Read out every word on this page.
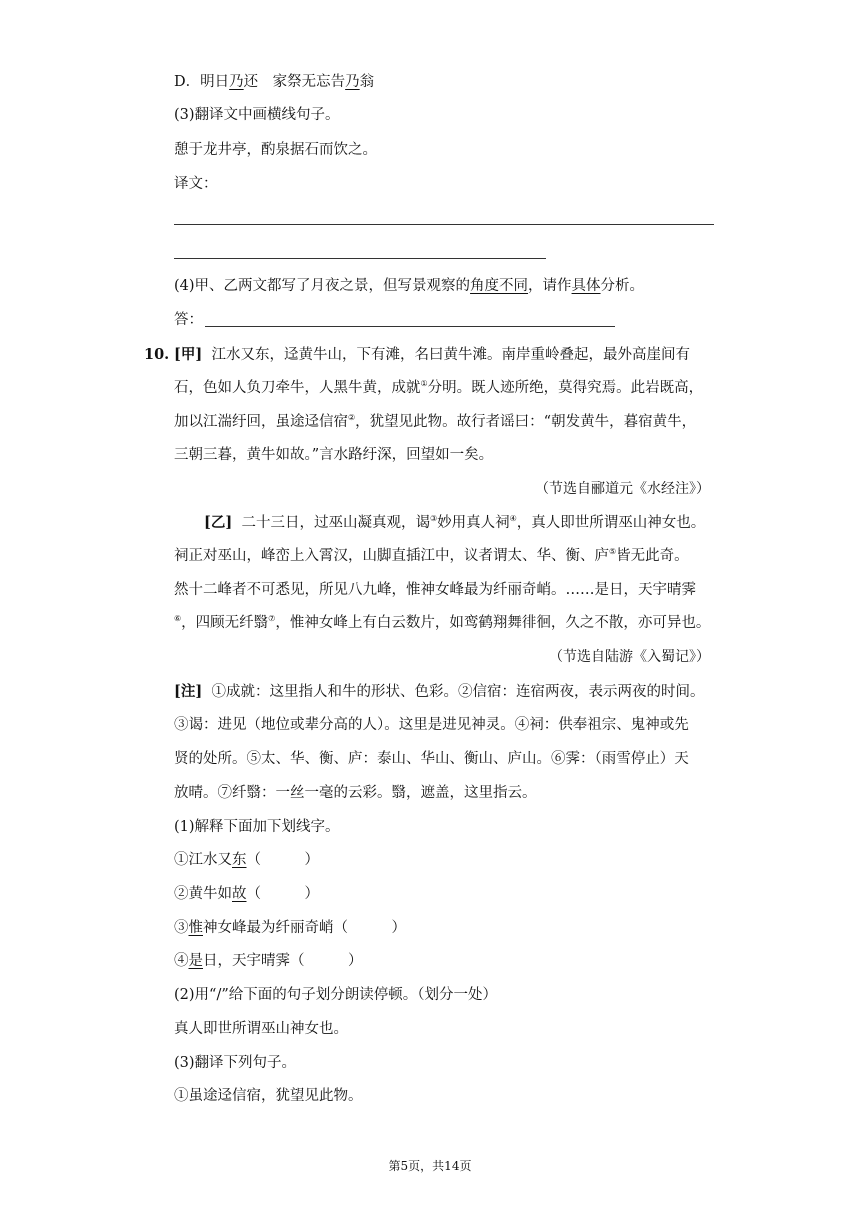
D．明日乃还　家祭无忘告乃翁
(3)翻译文中画横线句子。
憩于龙井亭，酌泉据石而饮之。
译文：
(4)甲、乙两文都写了月夜之景，但写景观察的角度不同，请作具体分析。
答：
10. [甲] 江水又东，迳黄牛山，下有滩，名曰黄牛滩。南岸重岭叠起，最外高崖间有
石，色如人负刀牵牛，人黑牛黄，成就①分明。既人迹所绝，莫得究焉。此岩既高，
加以江湍纡回，虽途迳信宿②，犹望见此物。故行者谣曰：“朝发黄牛，暮宿黄牛，
三朝三暮，黄牛如故。”言水路纡深，回望如一矣。
（节选自郦道元《水经注》）
[乙] 二十三日，过巫山凝真观，谒③妙用真人祠④，真人即世所谓巫山神女也。
祠正对巫山，峰峦上入霄汉，山脚直插江中，议者谓太、华、衡、庐⑤皆无此奇。
然十二峰者不可悉见，所见八九峰，惟神女峰最为纤丽奇峭。……是日，天宇晴霁
⑥，四顾无纤翳⑦，惟神女峰上有白云数片，如鸾鹤翔舞徘徊，久之不散，亦可异也。
（节选自陆游《入蜀记》）
[注] ①成就：这里指人和牛的形状、色彩。②信宿：连宿两夜，表示两夜的时间。
③谒：进见（地位或辈分高的人）。这里是进见神灵。④祠：供奉祖宗、鬼神或先
贤的处所。⑤太、华、衡、庐：泰山、华山、衡山、庐山。⑥霁：（雨雪停止）天
放晴。⑦纤翳：一丝一毫的云彩。翳，遮盖，这里指云。
(1)解释下面加下划线字。
①江水又东（　　　）
②黄牛如故（　　　）
③惟神女峰最为纤丽奇峭（　　　）
④是日，天宇晴霁（　　　）
(2)用“/”给下面的句子划分朗读停顿。（划分一处）
真人即世所谓巫山神女也。
(3)翻译下列句子。
①虽途迳信宿，犹望见此物。
第5页，共14页
